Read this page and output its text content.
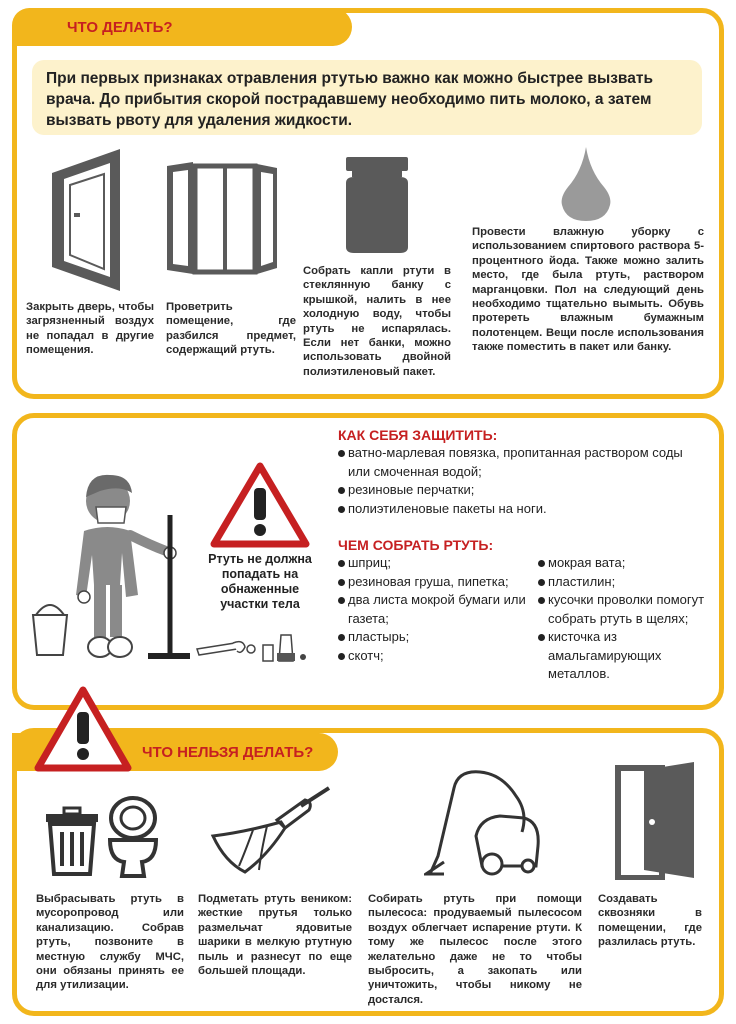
ЧТО ДЕЛАТЬ?
При первых признаках отравления ртутью важно как можно быстрее вызвать врача. До прибытия скорой пострадавшему необходимо пить молоко, а затем вызвать рвоту для удаления жидкости.
Закрыть дверь, чтобы загрязненный воздух не попадал в другие помещения.
Проветрить помещение, где разбился предмет, содержащий ртуть.
Собрать капли ртути в стеклянную банку с крышкой, налить в нее холодную воду, чтобы ртуть не испарялась. Если нет банки, можно использовать двойной полиэтиленовый пакет.
Провести влажную уборку с использованием спиртового раствора 5-процентного йода. Также можно залить место, где была ртуть, раствором марганцовки. Пол на следующий день необходимо тщательно вымыть. Обувь протереть влажным бумажным полотенцем. Вещи после использования также поместить в пакет или банку.
Ртуть не должна попадать на обнаженные участки тела
КАК СЕБЯ ЗАЩИТИТЬ:
ватно-марлевая повязка, пропитанная раствором соды или смоченная водой;
резиновые перчатки;
полиэтиленовые пакеты на ноги.
ЧЕМ СОБРАТЬ РТУТЬ:
шприц;
резиновая груша, пипетка;
два листа мокрой бумаги или газета;
пластырь;
скотч;
мокрая вата;
пластилин;
кусочки проволки помогут собрать ртуть в щелях;
кисточка из амальгамирующих металлов.
ЧТО НЕЛЬЗЯ ДЕЛАТЬ?
Выбрасывать ртуть в мусоропровод или канализацию. Собрав ртуть, позвоните в местную службу МЧС, они обязаны принять ее для утилизации.
Подметать ртуть веником: жесткие прутья только размельчат ядовитые шарики в мелкую ртутную пыль и разнесут по еще большей площади.
Собирать ртуть при помощи пылесоса: продуваемый пылесосом воздух облегчает испарение ртути. К тому же пылесос после этого желательно даже не то чтобы выбросить, а закопать или уничтожить, чтобы никому не достался.
Создавать сквозняки в помещении, где разлилась ртуть.
